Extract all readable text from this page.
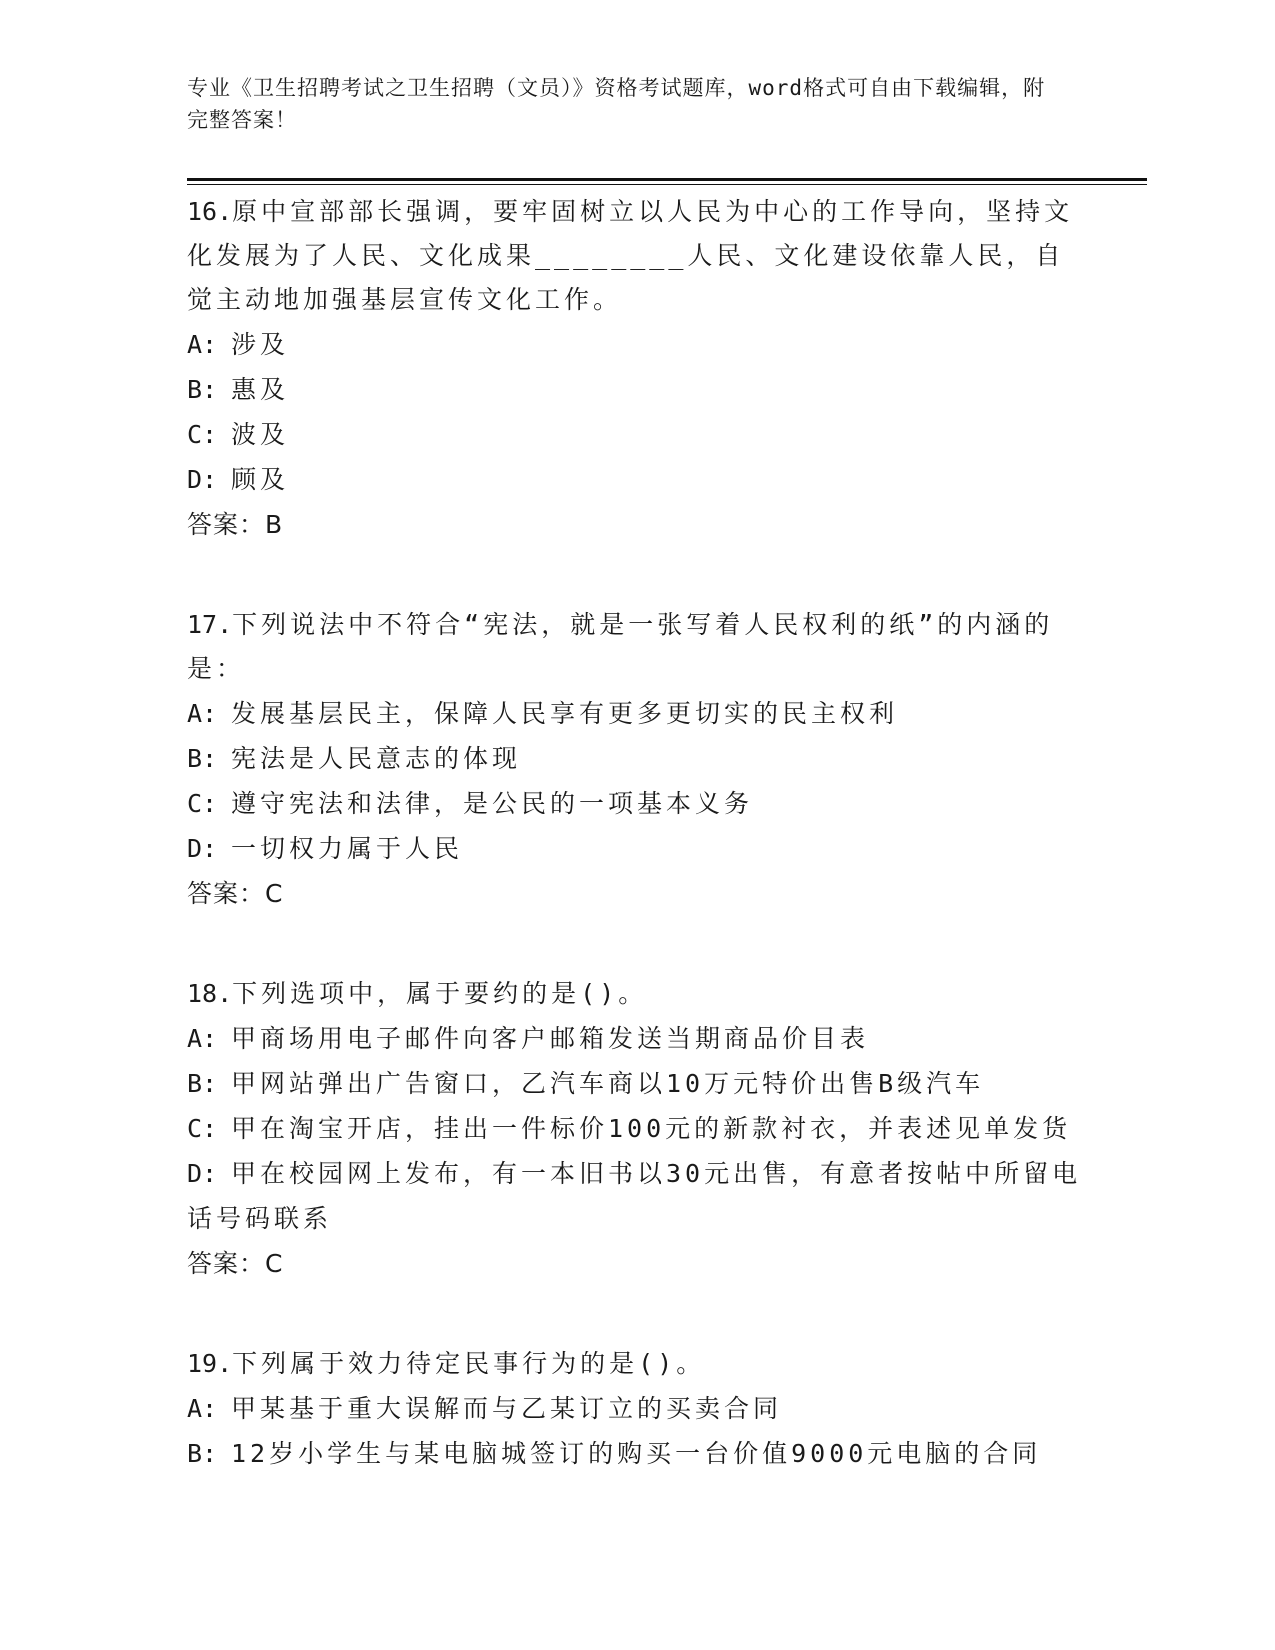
专业《卫生招聘考试之卫生招聘（文员）》资格考试题库，word格式可自由下载编辑，附完整答案！
16.原中宣部部长强调，要牢固树立以人民为中心的工作导向，坚持文化发展为了人民、文化成果________人民、文化建设依靠人民，自觉主动地加强基层宣传文化工作。
A: 涉及
B: 惠及
C: 波及
D: 顾及
答案：B
17.下列说法中不符合“宪法，就是一张写着人民权利的纸”的内涵的是：
A: 发展基层民主，保障人民享有更多更切实的民主权利
B: 宪法是人民意志的体现
C: 遵守宪法和法律，是公民的一项基本义务
D: 一切权力属于人民
答案：C
18.下列选项中，属于要约的是()。
A: 甲商场用电子邮件向客户邮箱发送当期商品价目表
B: 甲网站弹出广告窗口，乙汽车商以10万元特价出售B级汽车
C: 甲在淘宝开店，挂出一件标价100元的新款衬衣，并表述见单发货
D: 甲在校园网上发布，有一本旧书以30元出售，有意者按帖中所留电话号码联系
答案：C
19.下列属于效力待定民事行为的是()。
A: 甲某基于重大误解而与乙某订立的买卖合同
B: 12岁小学生与某电脑城签订的购买一台价值9000元电脑的合同
